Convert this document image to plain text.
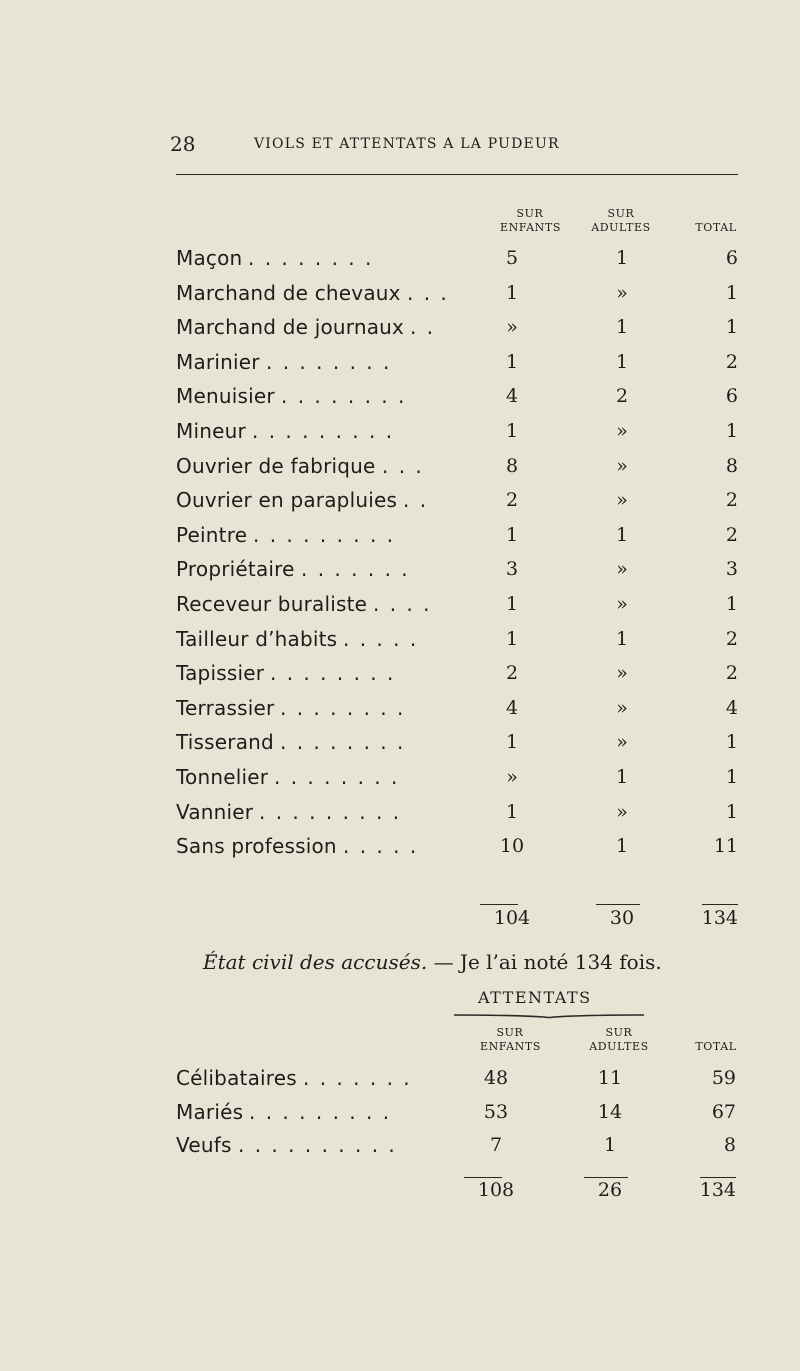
28	VIOLS ET ATTENTATS A LA PUDEUR
SUR
ENFANTS
SUR
ADULTES	TOTAL
Maçon . . . . . . . .	5	1	6
Marchand de chevaux . . .	1	»	1
Marchand de journaux . .	»	1	1
Marinier . . . . . . . .	1	1	2
Menuisier . . . . . . . .	4	2	6
Mineur . . . . . . . . .	1	»	1
Ouvrier de fabrique . . .	8	»	8
Ouvrier en parapluies . .	2	»	2
Peintre . . . . . . . . .	1	1	2
Propriétaire . . . . . . .	3	»	3
Receveur buraliste . . . .	1	»	1
Tailleur d’habits . . . . .	1	1	2
Tapissier . . . . . . . .	2	»	2
Terrassier . . . . . . . .	4	»	4
Tisserand . . . . . . . .	1	»	1
Tonnelier . . . . . . . .	»	1	1
Vannier . . . . . . . . .	1	»	1
Sans profession . . . . .	10	1	11
104	30	134
État civil des accusés. — Je l’ai noté 134 fois.
ATTENTATS
SUR
ENFANTS
SUR
ADULTES	TOTAL
Célibataires . . . . . . .	48	11	59
Mariés . . . . . . . . .	53	14	67
Veufs . . . . . . . . . .	7	1	8
108	26	134
